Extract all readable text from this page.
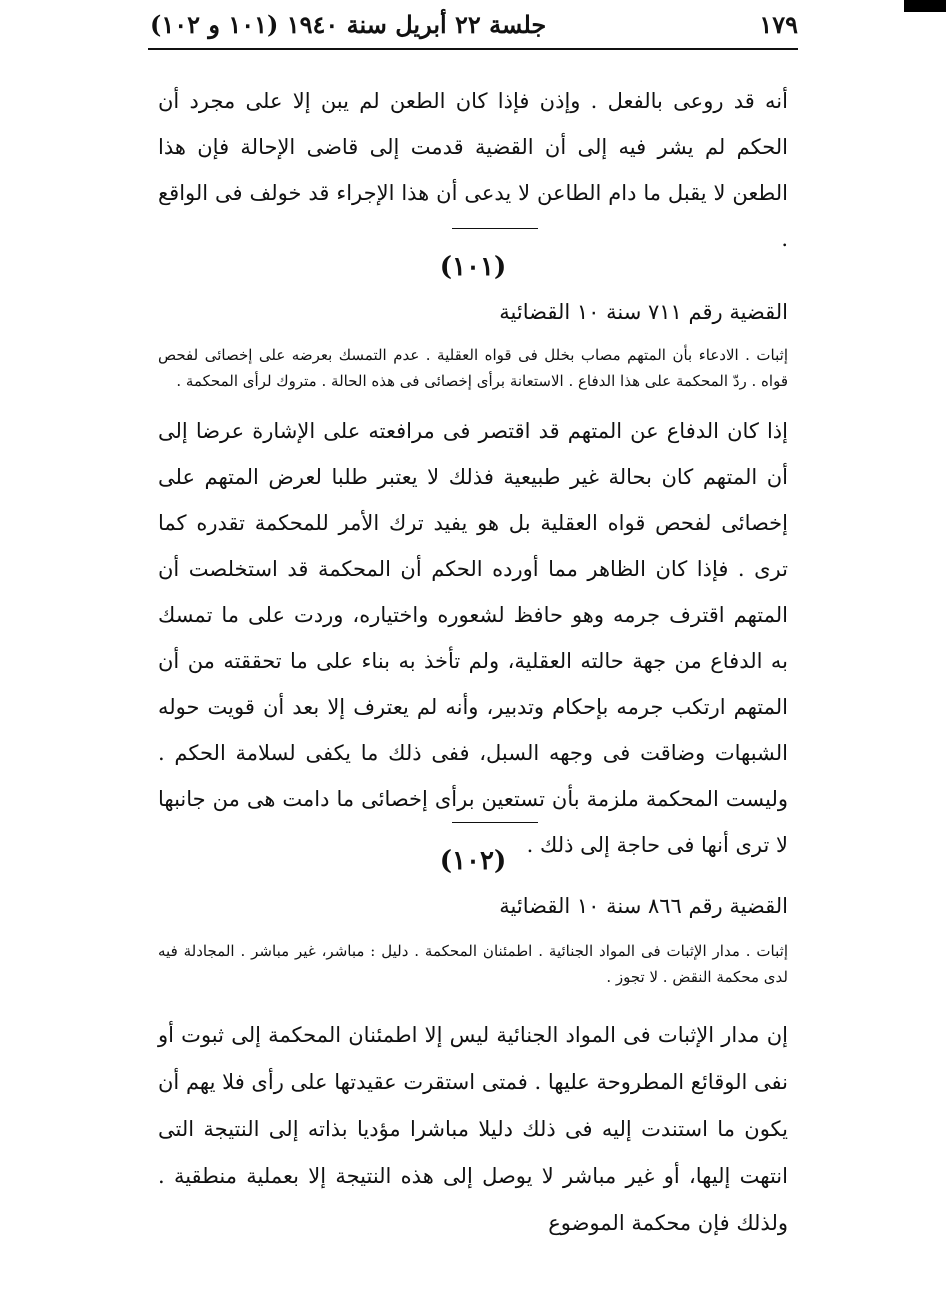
جلسة ٢٢ أبريل سنة ١٩٤٠ (١٠١ و ١٠٢)	١٧٩

أنه قد روعى بالفعل . وإذن فإذا كان الطعن لم يبن إلا على مجرد أن الحكم لم يشر فيه إلى أن القضية قدمت إلى قاضى الإحالة فإن هذا الطعن لا يقبل ما دام الطاعن لا يدعى أن هذا الإجراء قد خولف فى الواقع .

(١٠١)
القضية رقم ٧١١ سنة ١٠ القضائية

إثبات . الادعاء بأن المتهم مصاب بخلل فى قواه العقلية . عدم التمسك بعرضه على إخصائى لفحص قواه . ردّ المحكمة على هذا الدفاع . الاستعانة برأى إخصائى فى هذه الحالة . متروك لرأى المحكمة .

إذا كان الدفاع عن المتهم قد اقتصر فى مرافعته على الإشارة عرضا إلى أن المتهم كان بحالة غير طبيعية فذلك لا يعتبر طلبا لعرض المتهم على إخصائى لفحص قواه العقلية بل هو يفيد ترك الأمر للمحكمة تقدره كما ترى . فإذا كان الظاهر مما أورده الحكم أن المحكمة قد استخلصت أن المتهم اقترف جرمه وهو حافظ لشعوره واختياره، وردت على ما تمسك به الدفاع من جهة حالته العقلية، ولم تأخذ به بناء على ما تحققته من أن المتهم ارتكب جرمه بإحكام وتدبير، وأنه لم يعترف إلا بعد أن قويت حوله الشبهات وضاقت فى وجهه السبل، ففى ذلك ما يكفى لسلامة الحكم . وليست المحكمة ملزمة بأن تستعين برأى إخصائى ما دامت هى من جانبها لا ترى أنها فى حاجة إلى ذلك .

(١٠٢)
القضية رقم ٨٦٦ سنة ١٠ القضائية

إثبات . مدار الإثبات فى المواد الجنائية . اطمئنان المحكمة . دليل : مباشر، غير مباشر . المجادلة فيه لدى محكمة النقض . لا تجوز .

إن مدار الإثبات فى المواد الجنائية ليس إلا اطمئنان المحكمة إلى ثبوت أو نفى الوقائع المطروحة عليها . فمتى استقرت عقيدتها على رأى فلا يهم أن يكون ما استندت إليه فى ذلك دليلا مباشرا مؤديا بذاته إلى النتيجة التى انتهت إليها، أو غير مباشر لا يوصل إلى هذه النتيجة إلا بعملية منطقية . ولذلك فإن محكمة الموضوع
